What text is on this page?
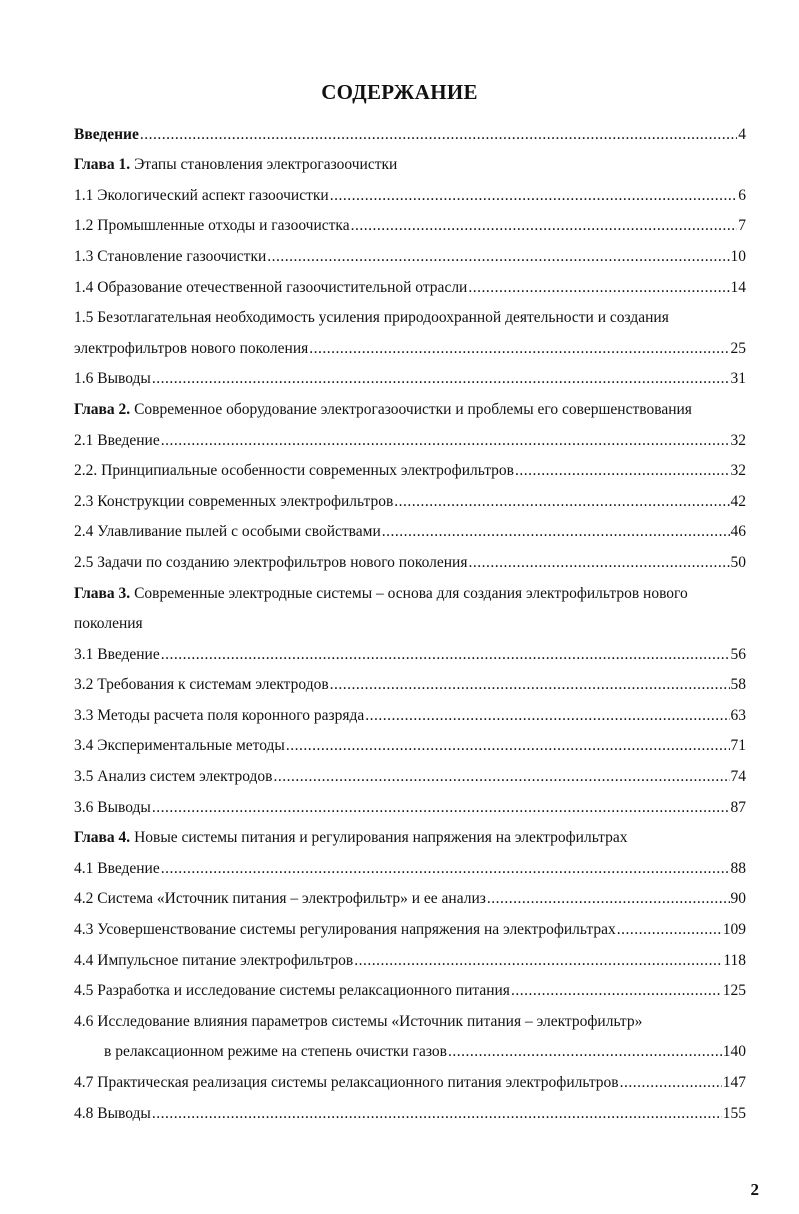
СОДЕРЖАНИЕ
Введение .....	4
Глава 1. Этапы становления электрогазоочистки
1.1 Экологический аспект газоочистки .....	6
1.2 Промышленные отходы и газоочистка .....	7
1.3 Становление газоочистки .....	10
1.4 Образование отечественной газоочистительной отрасли .....	14
1.5 Безотлагательная необходимость усиления природоохранной деятельности и создания
электрофильтров нового поколения .....	25
1.6 Выводы .....	31
Глава 2. Современное оборудование электрогазоочистки и проблемы его совершенствования
2.1 Введение .....	32
2.2. Принципиальные особенности современных электрофильтров .....	32
2.3 Конструкции современных электрофильтров .....	42
2.4 Улавливание пылей с особыми свойствами .....	46
2.5 Задачи по созданию электрофильтров нового поколения .....	50
Глава 3. Современные электродные системы – основа для создания электрофильтров нового
поколения
3.1 Введение .....	56
3.2 Требования к системам электродов .....	58
3.3 Методы расчета поля коронного разряда .....	63
3.4 Экспериментальные методы .....	71
3.5 Анализ систем электродов .....	74
3.6 Выводы .....	87
Глава 4. Новые системы питания и регулирования напряжения на электрофильтрах
4.1 Введение .....	88
4.2 Система «Источник питания – электрофильтр» и ее анализ .....	90
4.3 Усовершенствование системы регулирования напряжения на электрофильтрах .....	109
4.4 Импульсное питание электрофильтров .....	118
4.5 Разработка и исследование системы релаксационного питания .....	125
4.6 Исследование влияния параметров системы «Источник питания – электрофильтр»
в релаксационном режиме на степень очистки газов .....	140
4.7 Практическая реализация системы релаксационного питания электрофильтров .....	147
4.8 Выводы .....	155
2
